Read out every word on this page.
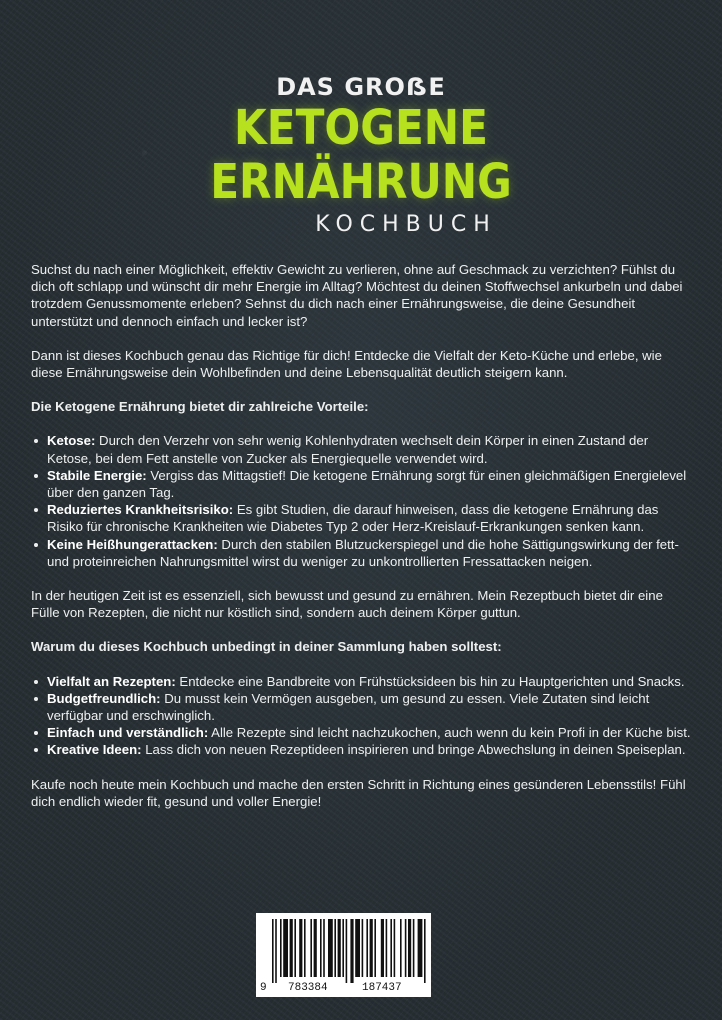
DAS GROẞE
KETOGENE
ERNÄHRUNG
KOCHBUCH

Suchst du nach einer Möglichkeit, effektiv Gewicht zu verlieren, ohne auf Geschmack zu verzichten? Fühlst du dich oft schlapp und wünscht dir mehr Energie im Alltag? Möchtest du deinen Stoffwechsel ankurbeln und dabei trotzdem Genussmomente erleben? Sehnst du dich nach einer Ernährungsweise, die deine Gesundheit unterstützt und dennoch einfach und lecker ist?

Dann ist dieses Kochbuch genau das Richtige für dich! Entdecke die Vielfalt der Keto-Küche und erlebe, wie diese Ernährungsweise dein Wohlbefinden und deine Lebensqualität deutlich steigern kann.

Die Ketogene Ernährung bietet dir zahlreiche Vorteile:

Ketose: Durch den Verzehr von sehr wenig Kohlenhydraten wechselt dein Körper in einen Zustand der Ketose, bei dem Fett anstelle von Zucker als Energiequelle verwendet wird.
Stabile Energie: Vergiss das Mittagstief! Die ketogene Ernährung sorgt für einen gleichmäßigen Energielevel über den ganzen Tag.
Reduziertes Krankheitsrisiko: Es gibt Studien, die darauf hinweisen, dass die ketogene Ernährung das Risiko für chronische Krankheiten wie Diabetes Typ 2 oder Herz-Kreislauf-Erkrankungen senken kann.
Keine Heißhungerattacken: Durch den stabilen Blutzuckerspiegel und die hohe Sättigungswirkung der fett- und proteinreichen Nahrungsmittel wirst du weniger zu unkontrollierten Fressattacken neigen.

In der heutigen Zeit ist es essenziell, sich bewusst und gesund zu ernähren. Mein Rezeptbuch bietet dir eine Fülle von Rezepten, die nicht nur köstlich sind, sondern auch deinem Körper guttun.

Warum du dieses Kochbuch unbedingt in deiner Sammlung haben solltest:

Vielfalt an Rezepten: Entdecke eine Bandbreite von Frühstücksideen bis hin zu Hauptgerichten und Snacks.
Budgetfreundlich: Du musst kein Vermögen ausgeben, um gesund zu essen. Viele Zutaten sind leicht verfügbar und erschwinglich.
Einfach und verständlich: Alle Rezepte sind leicht nachzukochen, auch wenn du kein Profi in der Küche bist.
Kreative Ideen: Lass dich von neuen Rezeptideen inspirieren und bringe Abwechslung in deinen Speiseplan.

Kaufe noch heute mein Kochbuch und mache den ersten Schritt in Richtung eines gesünderen Lebensstils! Fühl dich endlich wieder fit, gesund und voller Energie!

9 783384	187437
